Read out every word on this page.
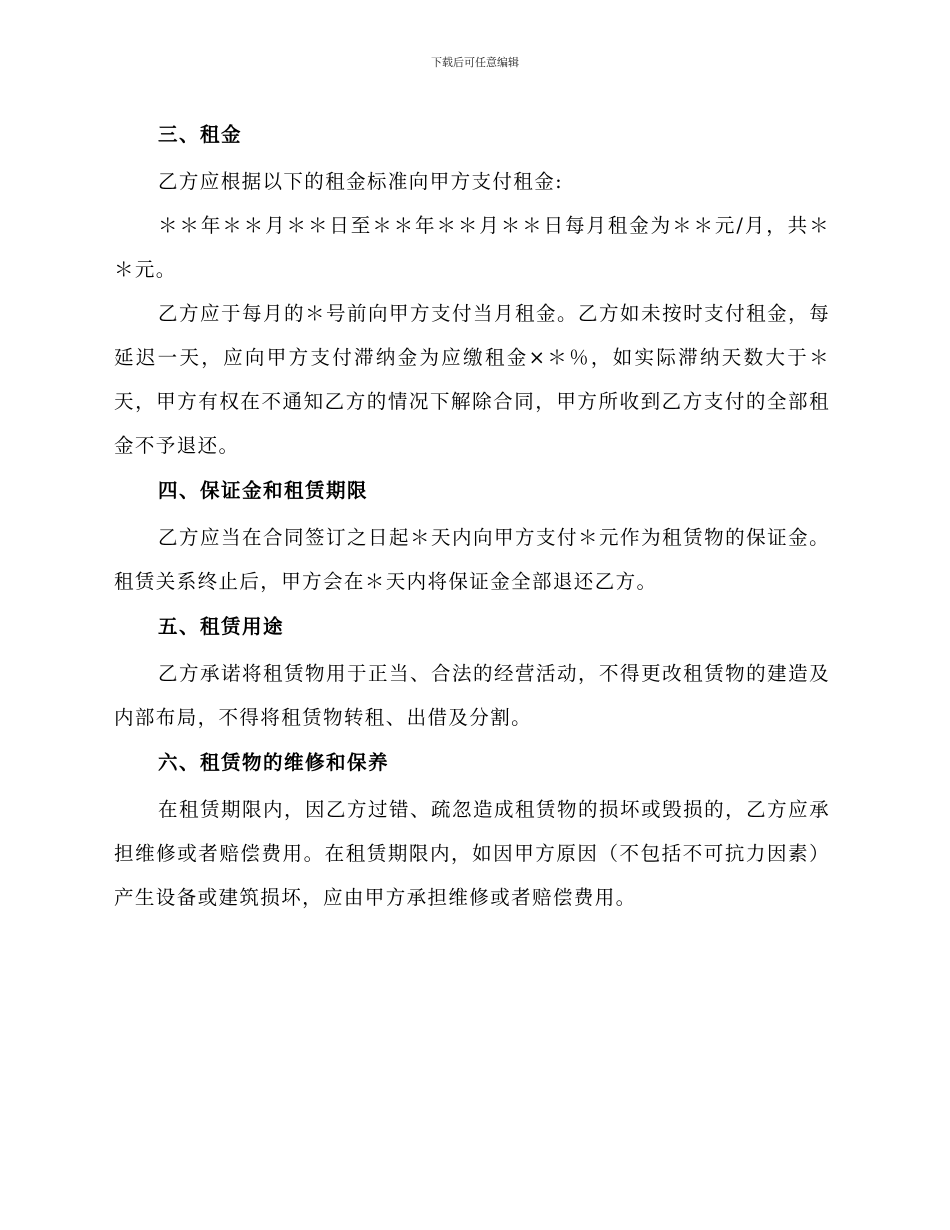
下载后可任意编辑

三、租金

乙方应根据以下的租金标准向甲方支付租金:

＊＊年＊＊月＊＊日至＊＊年＊＊月＊＊日每月租金为＊＊元/月，共＊＊元。

乙方应于每月的＊号前向甲方支付当月租金。乙方如未按时支付租金，每延迟一天，应向甲方支付滞纳金为应缴租金×＊％，如实际滞纳天数大于＊天，甲方有权在不通知乙方的情况下解除合同，甲方所收到乙方支付的全部租金不予退还。

四、保证金和租赁期限

乙方应当在合同签订之日起＊天内向甲方支付＊元作为租赁物的保证金。租赁关系终止后，甲方会在＊天内将保证金全部退还乙方。

五、租赁用途

乙方承诺将租赁物用于正当、合法的经营活动，不得更改租赁物的建造及内部布局，不得将租赁物转租、出借及分割。

六、租赁物的维修和保养

在租赁期限内，因乙方过错、疏忽造成租赁物的损坏或毁损的，乙方应承担维修或者赔偿费用。在租赁期限内，如因甲方原因（不包括不可抗力因素）产生设备或建筑损坏，应由甲方承担维修或者赔偿费用。
